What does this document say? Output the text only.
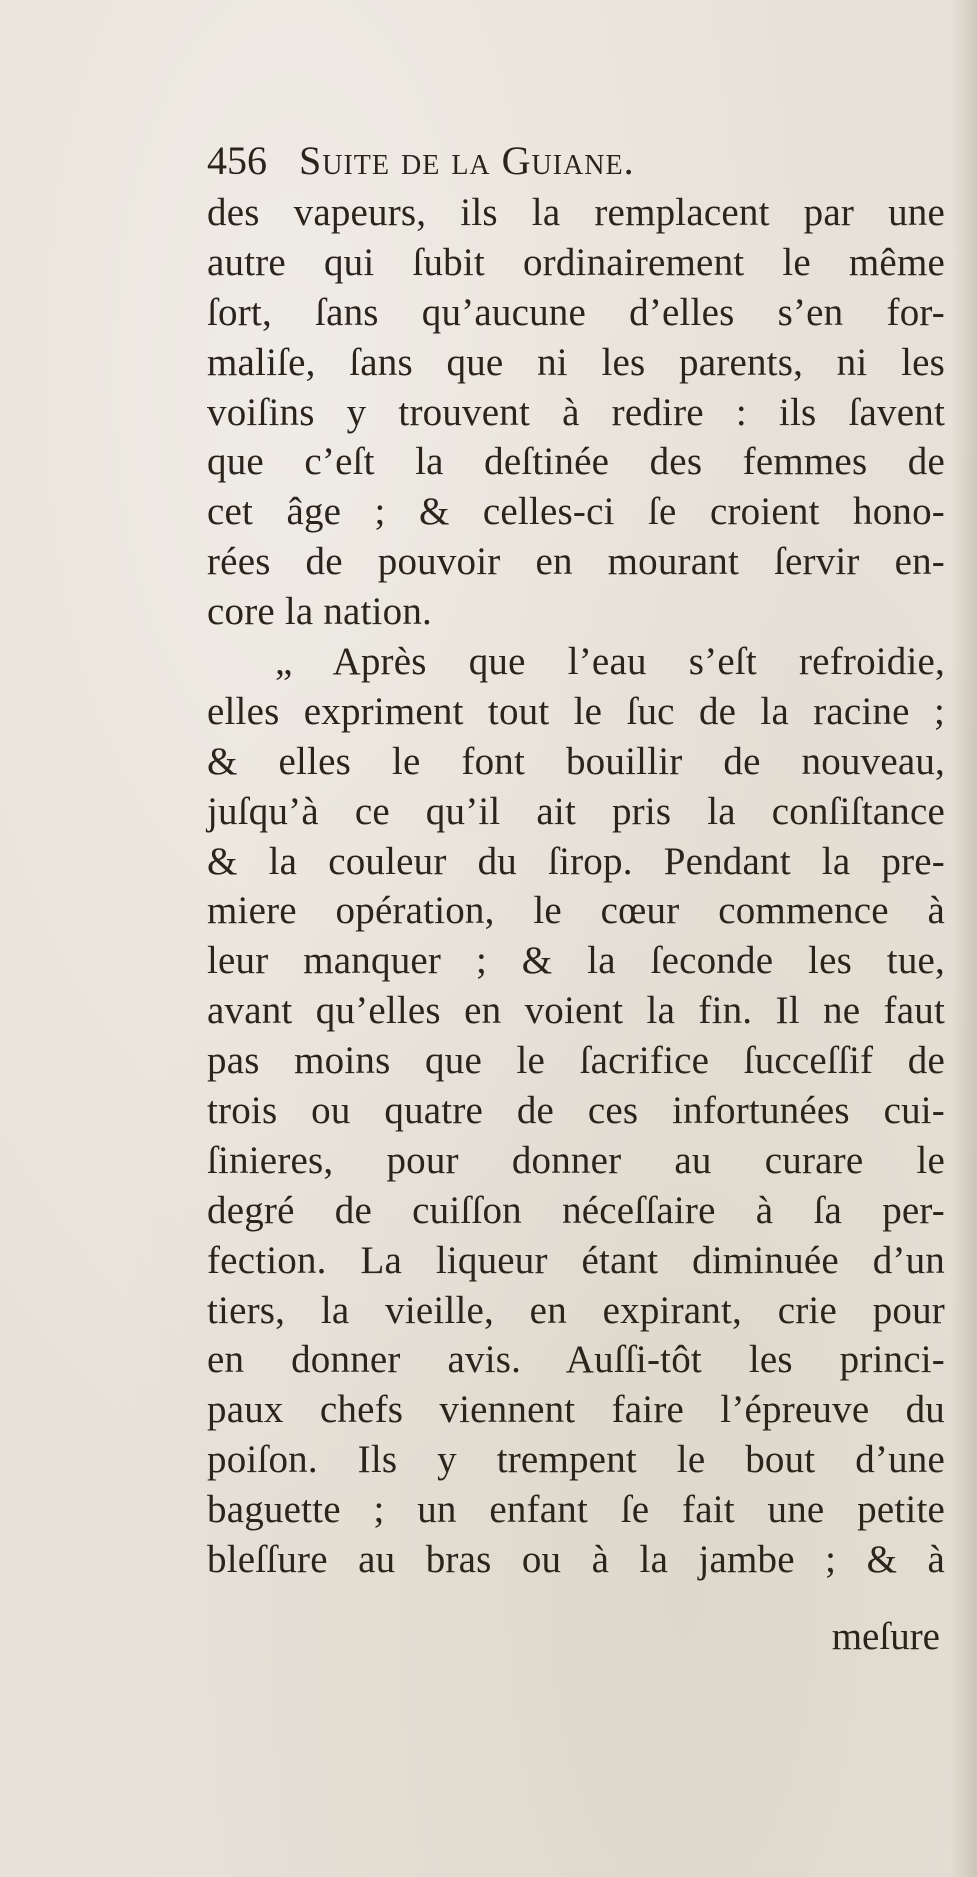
456 Suite de la Guiane.
des vapeurs, ils la remplacent par une
autre qui ſubit ordinairement le même
ſort, ſans qu’aucune d’elles s’en for-
maliſe, ſans que ni les parents, ni les
voiſins y trouvent à redire : ils ſavent
que c’eſt la deſtinée des femmes de
cet âge ; & celles-ci ſe croient hono-
rées de pouvoir en mourant ſervir en-
core la nation.
„ Après que l’eau s’eſt refroidie,
elles expriment tout le ſuc de la racine ;
& elles le font bouillir de nouveau,
juſqu’à ce qu’il ait pris la conſiſtance
& la couleur du ſirop. Pendant la pre-
miere opération, le cœur commence à
leur manquer ; & la ſeconde les tue,
avant qu’elles en voient la fin. Il ne faut
pas moins que le ſacrifice ſucceſſif de
trois ou quatre de ces infortunées cui-
ſinieres, pour donner au curare le
degré de cuiſſon néceſſaire à ſa per-
fection. La liqueur étant diminuée d’un
tiers, la vieille, en expirant, crie pour
en donner avis. Auſſi-tôt les princi-
paux chefs viennent faire l’épreuve du
poiſon. Ils y trempent le bout d’une
baguette ; un enfant ſe fait une petite
bleſſure au bras ou à la jambe ; & à
meſure
